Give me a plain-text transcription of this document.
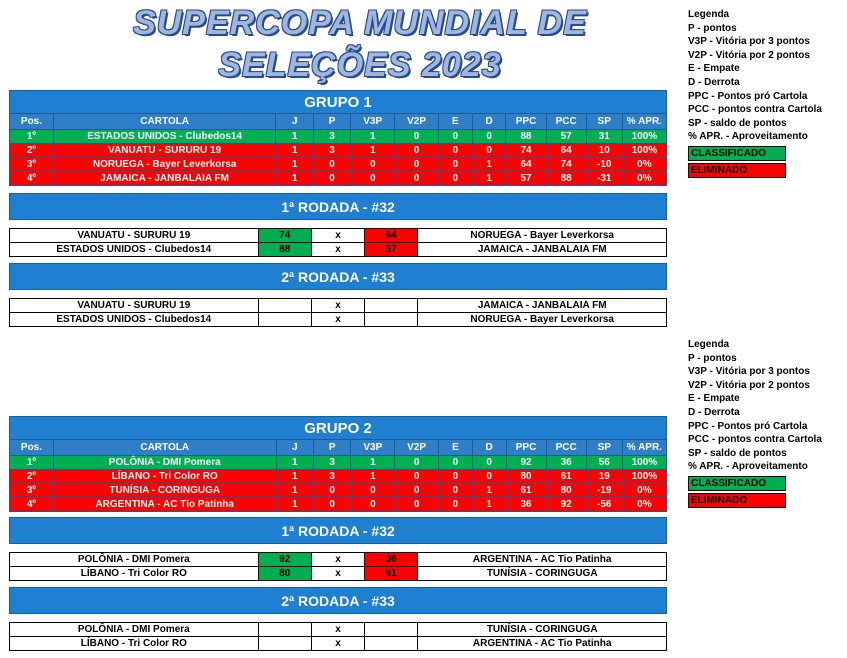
SUPERCOPA MUNDIAL DE SELEÇÕES 2023
Legenda
P - pontos
V3P - Vitória por 3 pontos
V2P - Vitória por 2 pontos
E - Empate
D - Derrota
PPC - Pontos pró Cartola
PCC - pontos contra Cartola
SP - saldo de pontos
% APR. - Aproveitamento
CLASSIFICADO ELIMINADO
Legenda
P - pontos
V3P - Vitória por 3 pontos
V2P - Vitória por 2 pontos
E - Empate
D - Derrota
PPC - Pontos pró Cartola
PCC - pontos contra Cartola
SP - saldo de pontos
% APR. - Aproveitamento
CLASSIFICADO ELIMINADO
GRUPO 1
Pos.	CARTOLA	J	P	V3P	V2P	E	D	PPC	PCC	SP	% APR.
1º	ESTADOS UNIDOS - Clubedos14	1	3	1	0	0	0	88	57	31	100%
2º	VANUATU - SURURU 19	1	3	1	0	0	0	74	64	10	100%
3º	NORUEGA - Bayer Leverkorsa	1	0	0	0	0	1	64	74	-10	0%
4º	JAMAICA - JANBALAIA FM	1	0	0	0	0	1	57	88	-31	0%
1ª RODADA - #32
VANUATU - SURURU 19	74	x	64	NORUEGA - Bayer Leverkorsa
ESTADOS UNIDOS - Clubedos14	88	x	57	JAMAICA - JANBALAIA FM
2ª RODADA - #33
VANUATU - SURURU 19		x		JAMAICA - JANBALAIA FM
ESTADOS UNIDOS - Clubedos14		x		NORUEGA - Bayer Leverkorsa
GRUPO 2
Pos.	CARTOLA	J	P	V3P	V2P	E	D	PPC	PCC	SP	% APR.
1º	POLÔNIA - DMI Pomera	1	3	1	0	0	0	92	36	56	100%
2º	LÍBANO - Tri Color RO	1	3	1	0	0	0	80	61	19	100%
3º	TUNÍSIA - CORINGUGA	1	0	0	0	0	1	61	80	-19	0%
4º	ARGENTINA - AC Tio Patinha	1	0	0	0	0	1	36	92	-56	0%
1ª RODADA - #32
POLÔNIA - DMI Pomera	92	x	36	ARGENTINA - AC Tio Patinha
LÍBANO - Tri Color RO	80	x	61	TUNÍSIA - CORINGUGA
2ª RODADA - #33
POLÔNIA - DMI Pomera		x		TUNÍSIA - CORINGUGA
LÍBANO - Tri Color RO		x		ARGENTINA - AC Tio Patinha
